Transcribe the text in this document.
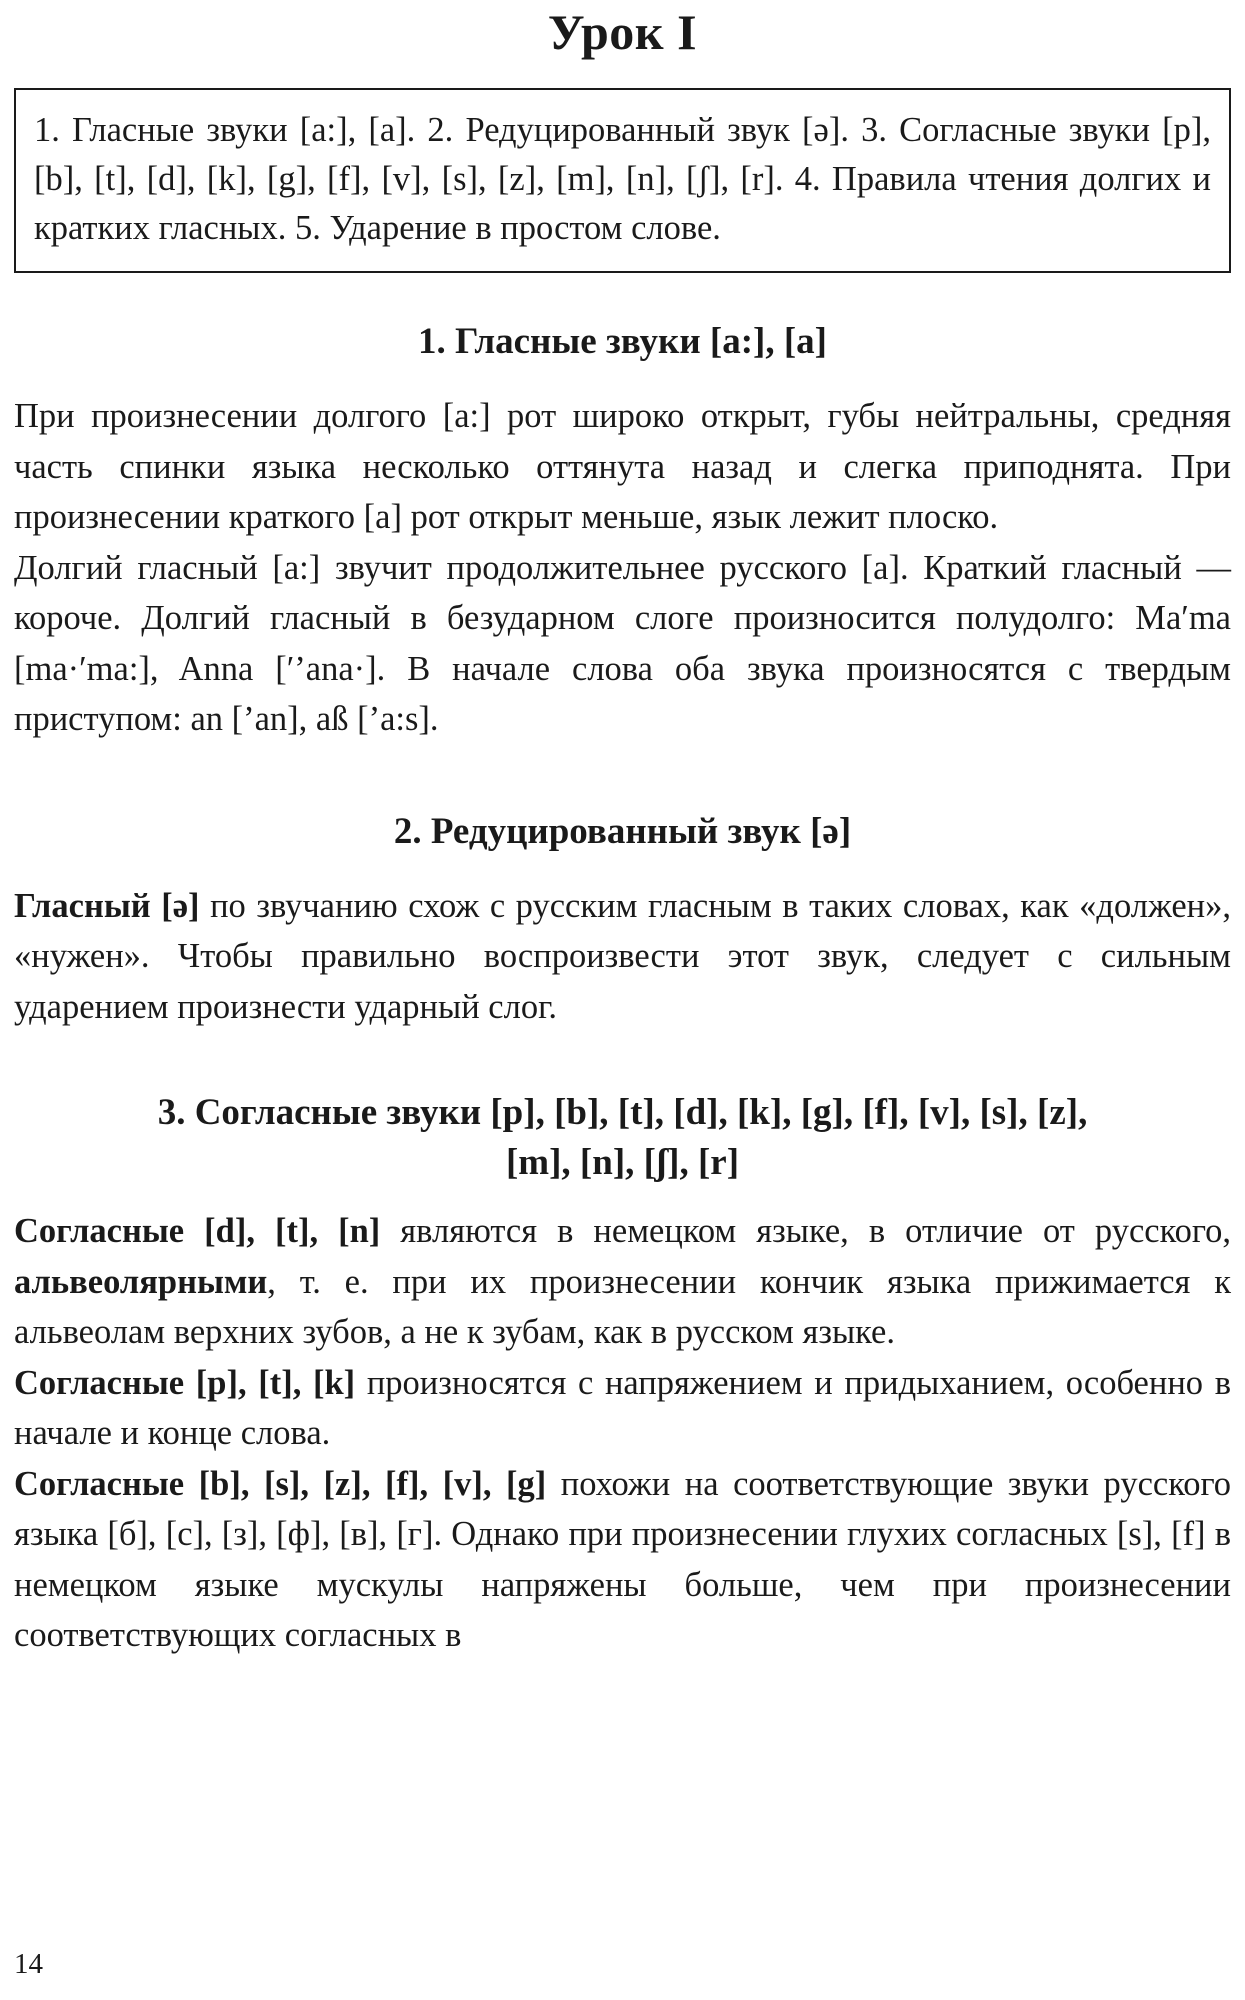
Урок I

1. Гласные звуки [a:], [a]. 2. Редуцированный звук [ə]. 3. Согласные звуки [p], [b], [t], [d], [k], [g], [f], [v], [s], [z], [m], [n], [ʃ], [r]. 4. Правила чтения долгих и кратких гласных. 5. Ударение в простом слове.

1. Гласные звуки [a:], [a]

При произнесении долгого [a:] рот широко открыт, губы нейтральны, средняя часть спинки языка несколько оттянута назад и слегка приподнята. При произнесении краткого [a] рот открыт меньше, язык лежит плоско.

Долгий гласный [a:] звучит продолжительнее русского [а]. Краткий гласный — короче. Долгий гласный в безударном слоге произносится полудолго: Ma′ma [ma·′ma:], Anna [′’ana·]. В начале слова оба звука произносятся с твердым приступом: an [’an], aß [’a:s].

2. Редуцированный звук [ə]

Гласный [ə] по звучанию схож с русским гласным в таких словах, как «должен», «нужен». Чтобы правильно воспроизвести этот звук, следует с сильным ударением произнести ударный слог.

3. Согласные звуки [p], [b], [t], [d], [k], [g], [f], [v], [s], [z],
[m], [n], [ʃ], [r]

Согласные [d], [t], [n] являются в немецком языке, в отличие от русского, альвеолярными, т. е. при их произнесении кончик языка прижимается к альвеолам верхних зубов, а не к зубам, как в русском языке.

Согласные [p], [t], [k] произносятся с напряжением и придыханием, особенно в начале и конце слова.

Согласные [b], [s], [z], [f], [v], [g] похожи на соответствующие звуки русского языка [б], [с], [з], [ф], [в], [г]. Однако при произнесении глухих согласных [s], [f] в немецком языке мускулы напряжены больше, чем при произнесении соответствующих согласных в

14
